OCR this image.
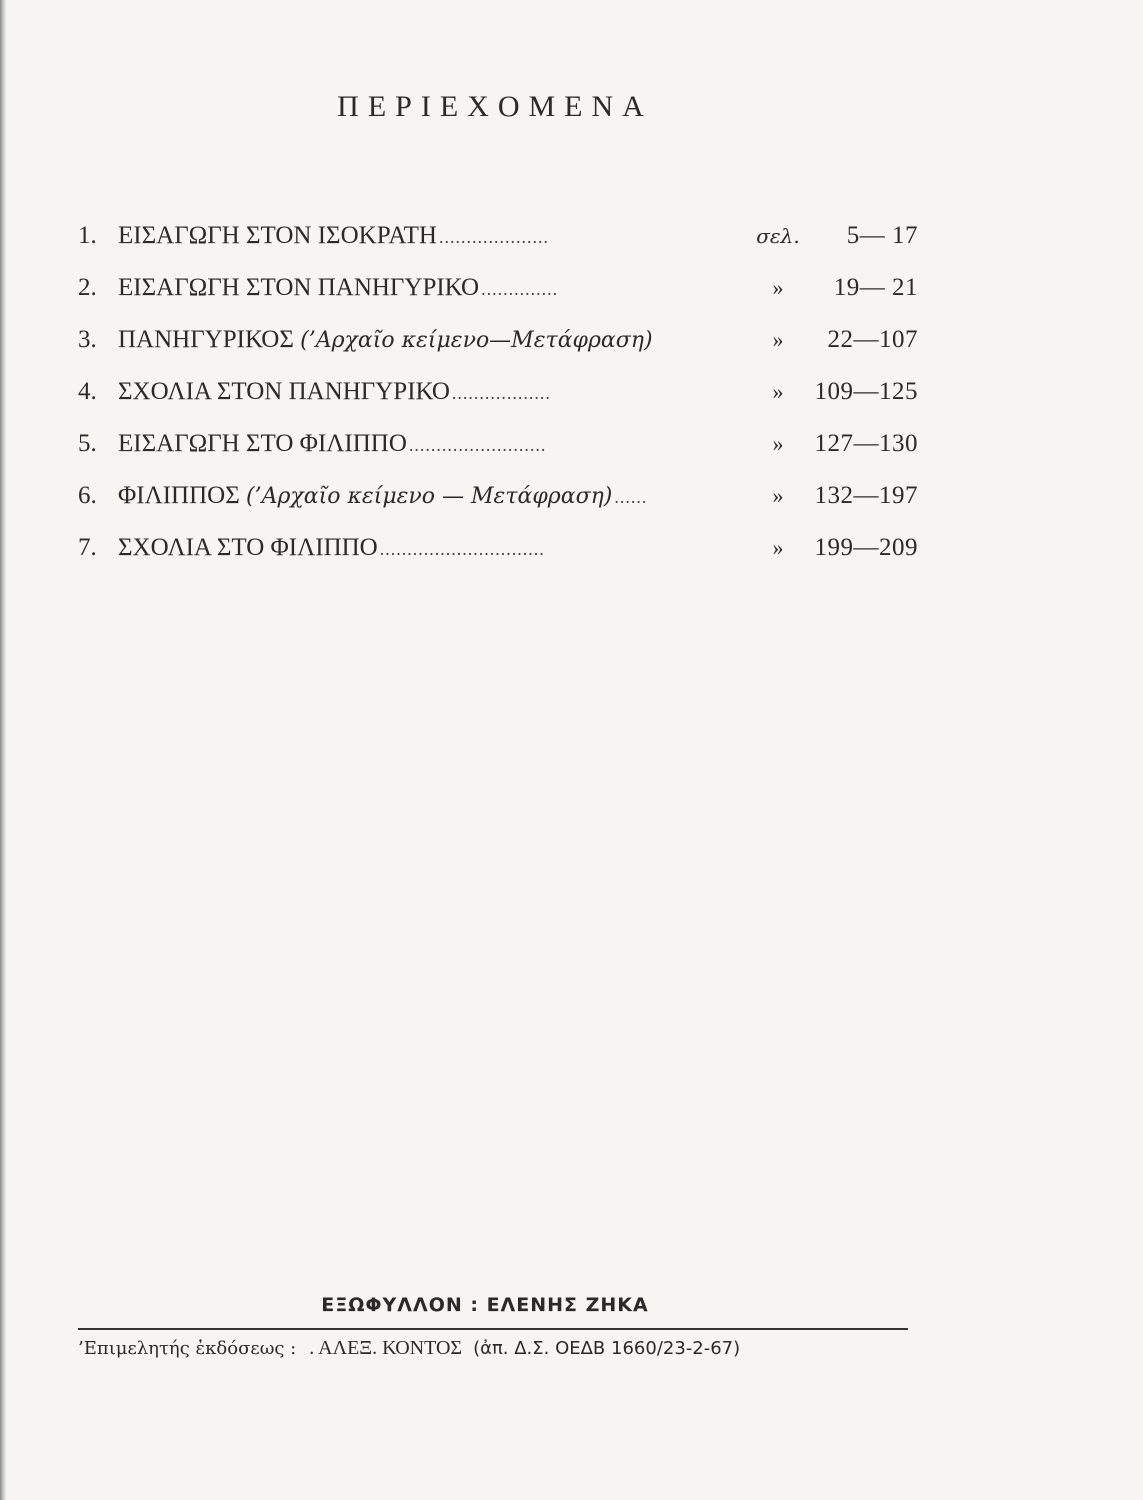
ΠΕΡΙΕΧΟΜΕΝΑ
1. ΕΙΣΑΓΩΓΗ ΣΤΟΝ ΙΣΟΚΡΑΤΗ ....................	σελ.	5— 17
2. ΕΙΣΑΓΩΓΗ ΣΤΟΝ ΠΑΝΗΓΥΡΙΚΟ ..............	»	19— 21
3. ΠΑΝΗΓΥΡΙΚΟΣ (’Αρχαῖο κείμενο—Μετάφραση)	»	22—107
4. ΣΧΟΛΙΑ ΣΤΟΝ ΠΑΝΗΓΥΡΙΚΟ ..................	»	109—125
5. ΕΙΣΑΓΩΓΗ ΣΤΟ ΦΙΛΙΠΠΟ .........................	»	127—130
6. ΦΙΛΙΠΠΟΣ (’Αρχαῖο κείμενο — Μετάφραση) ......	»	132—197
7. ΣΧΟΛΙΑ ΣΤΟ ΦΙΛΙΠΠΟ ..............................	»	199—209
ΕΞΩΦΥΛΛΟΝ : ΕΛΕΝΗΣ ΖΗΚΑ
’Επιμελητής ἐκδόσεως : . ΑΛΕΞ. ΚΟΝΤΟΣ (ἀπ. Δ.Σ. ΟΕΔΒ 1660/23-2-67)
